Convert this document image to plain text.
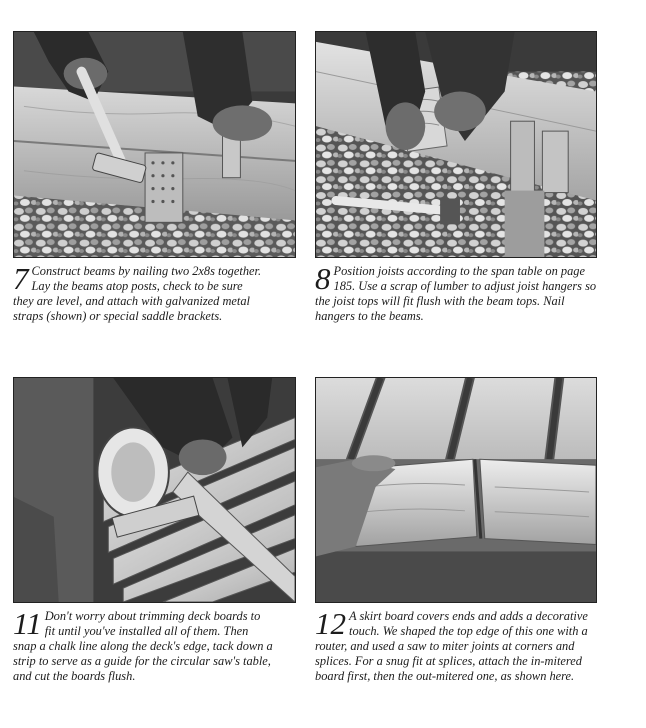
7 Construct beams by nailing two 2x8s together. Lay the beams atop posts, check to be sure they are level, and attach with galvanized metal straps (shown) or special saddle brackets.
8 Position joists according to the span table on page 185. Use a scrap of lumber to adjust joist hangers so the joist tops will fit flush with the beam tops. Nail hangers to the beams.
11 Don't worry about trimming deck boards to fit until you've installed all of them. Then snap a chalk line along the deck's edge, tack down a strip to serve as a guide for the circular saw's table, and cut the boards flush.
12 A skirt board covers ends and adds a decorative touch. We shaped the top edge of this one with a router, and used a saw to miter joints at corners and splices. For a snug fit at splices, attach the in-mitered board first, then the out-mitered one, as shown here.
